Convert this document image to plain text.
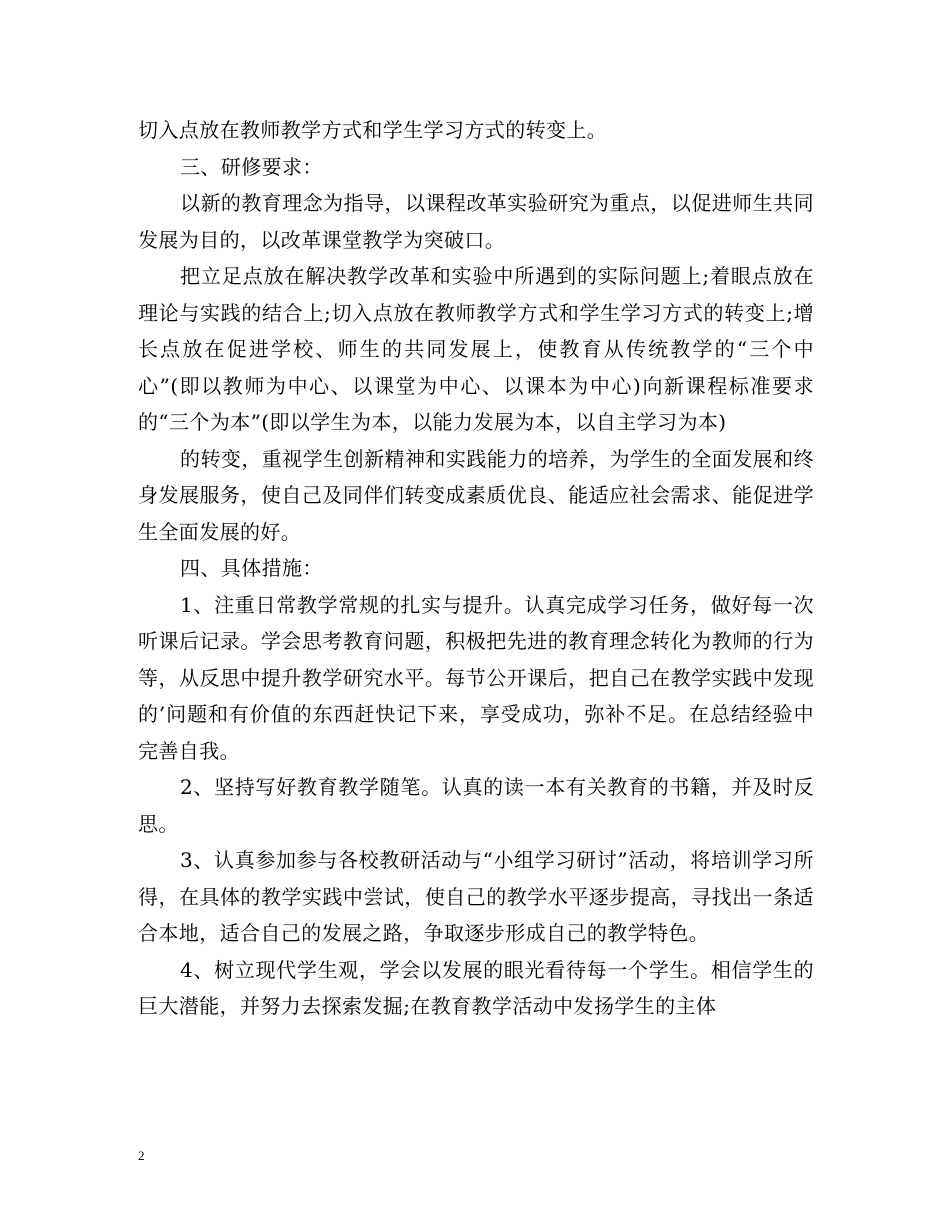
切入点放在教师教学方式和学生学习方式的转变上。

三、研修要求：

以新的教育理念为指导，以课程改革实验研究为重点，以促进师生共同发展为目的，以改革课堂教学为突破口。

把立足点放在解决教学改革和实验中所遇到的实际问题上;着眼点放在理论与实践的结合上;切入点放在教师教学方式和学生学习方式的转变上;增长点放在促进学校、师生的共同发展上，使教育从传统教学的“三个中心”(即以教师为中心、以课堂为中心、以课本为中心)向新课程标准要求的“三个为本”(即以学生为本，以能力发展为本，以自主学习为本)

的转变，重视学生创新精神和实践能力的培养，为学生的全面发展和终身发展服务，使自己及同伴们转变成素质优良、能适应社会需求、能促进学生全面发展的好。

四、具体措施：

1、注重日常教学常规的扎实与提升。认真完成学习任务，做好每一次听课后记录。学会思考教育问题，积极把先进的教育理念转化为教师的行为等，从反思中提升教学研究水平。每节公开课后，把自己在教学实践中发现的’问题和有价值的东西赶快记下来，享受成功，弥补不足。在总结经验中完善自我。

2、坚持写好教育教学随笔。认真的读一本有关教育的书籍，并及时反思。

3、认真参加参与各校教研活动与“小组学习研讨”活动，将培训学习所得，在具体的教学实践中尝试，使自己的教学水平逐步提高，寻找出一条适合本地，适合自己的发展之路，争取逐步形成自己的教学特色。

4、树立现代学生观，学会以发展的眼光看待每一个学生。相信学生的巨大潜能，并努力去探索发掘;在教育教学活动中发扬学生的主体

2
